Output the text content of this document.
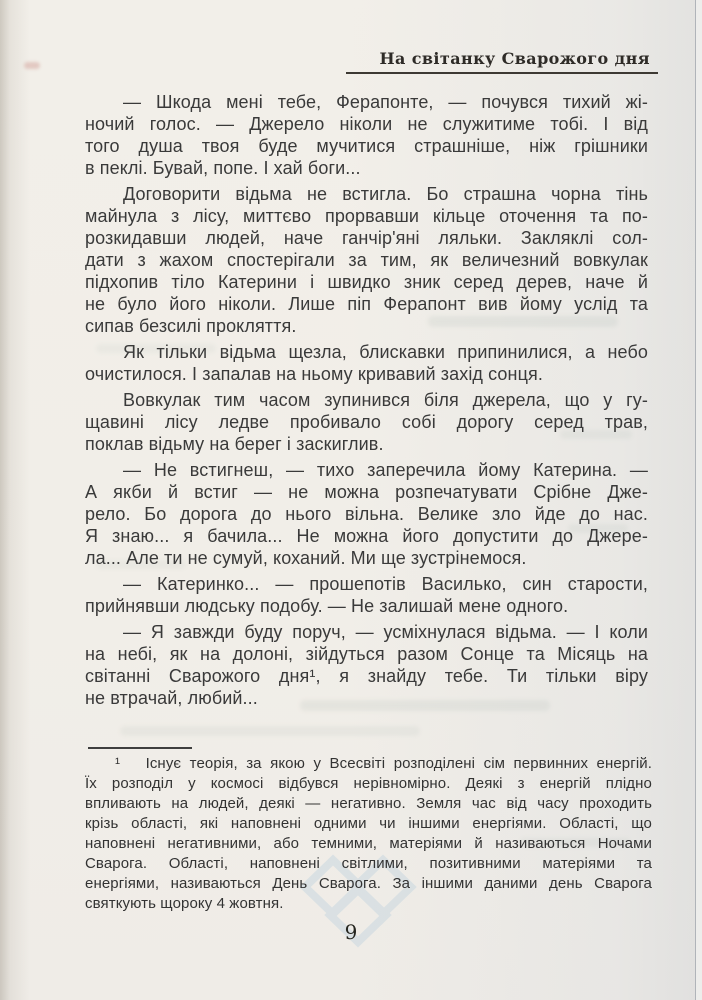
На світанку Сварожого дня
— Шкода мені тебе, Ферапонте, — почувся тихий жі-
ночий голос. — Джерело ніколи не служитиме тобі. І від
того душа твоя буде мучитися страшніше, ніж грішники
в пеклі. Бувай, попе. І хай боги...
Договорити відьма не встигла. Бо страшна чорна тінь
майнула з лісу, миттєво прорвавши кільце оточення та по-
розкидавши людей, наче ганчір'яні ляльки. Закляклі сол-
дати з жахом спостерігали за тим, як величезний вовкулак
підхопив тіло Катерини і швидко зник серед дерев, наче й
не було його ніколи. Лише піп Ферапонт вив йому услід та
сипав безсилі прокляття.
Як тільки відьма щезла, блискавки припинилися, а небо
очистилося. І запалав на ньому кривавий захід сонця.
Вовкулак тим часом зупинився біля джерела, що у гу-
щавині лісу ледве пробивало собі дорогу серед трав,
поклав відьму на берег і заскиглив.
— Не встигнеш, — тихо заперечила йому Катерина. —
А якби й встиг — не можна розпечатувати Срібне Дже-
рело. Бо дорога до нього вільна. Велике зло йде до нас.
Я знаю... я бачила... Не можна його допустити до Джере-
ла... Але ти не сумуй, коханий. Ми ще зустрінемося.
— Катеринко... — прошепотів Василько, син старости,
прийнявши людську подобу. — Не залишай мене одного.
— Я завжди буду поруч, — усміхнулася відьма. — І коли
на небі, як на долоні, зійдуться разом Сонце та Місяць на
світанні Сварожого дня¹, я знайду тебе. Ти тільки віру
не втрачай, любий...
¹   Існує теорія, за якою у Всесвіті розподілені сім первинних енергій.
Їх розподіл у космосі відбувся нерівномірно. Деякі з енергій плідно
впливають на людей, деякі — негативно. Земля час від часу проходить
крізь області, які наповнені одними чи іншими енергіями. Області, що
наповнені негативними, або темними, матеріями й називаються Ночами
Сварога. Області, наповнені світлими, позитивними матеріями та
енергіями, називаються День Сварога. За іншими даними день Сварога
святкують щороку 4 жовтня.
9
